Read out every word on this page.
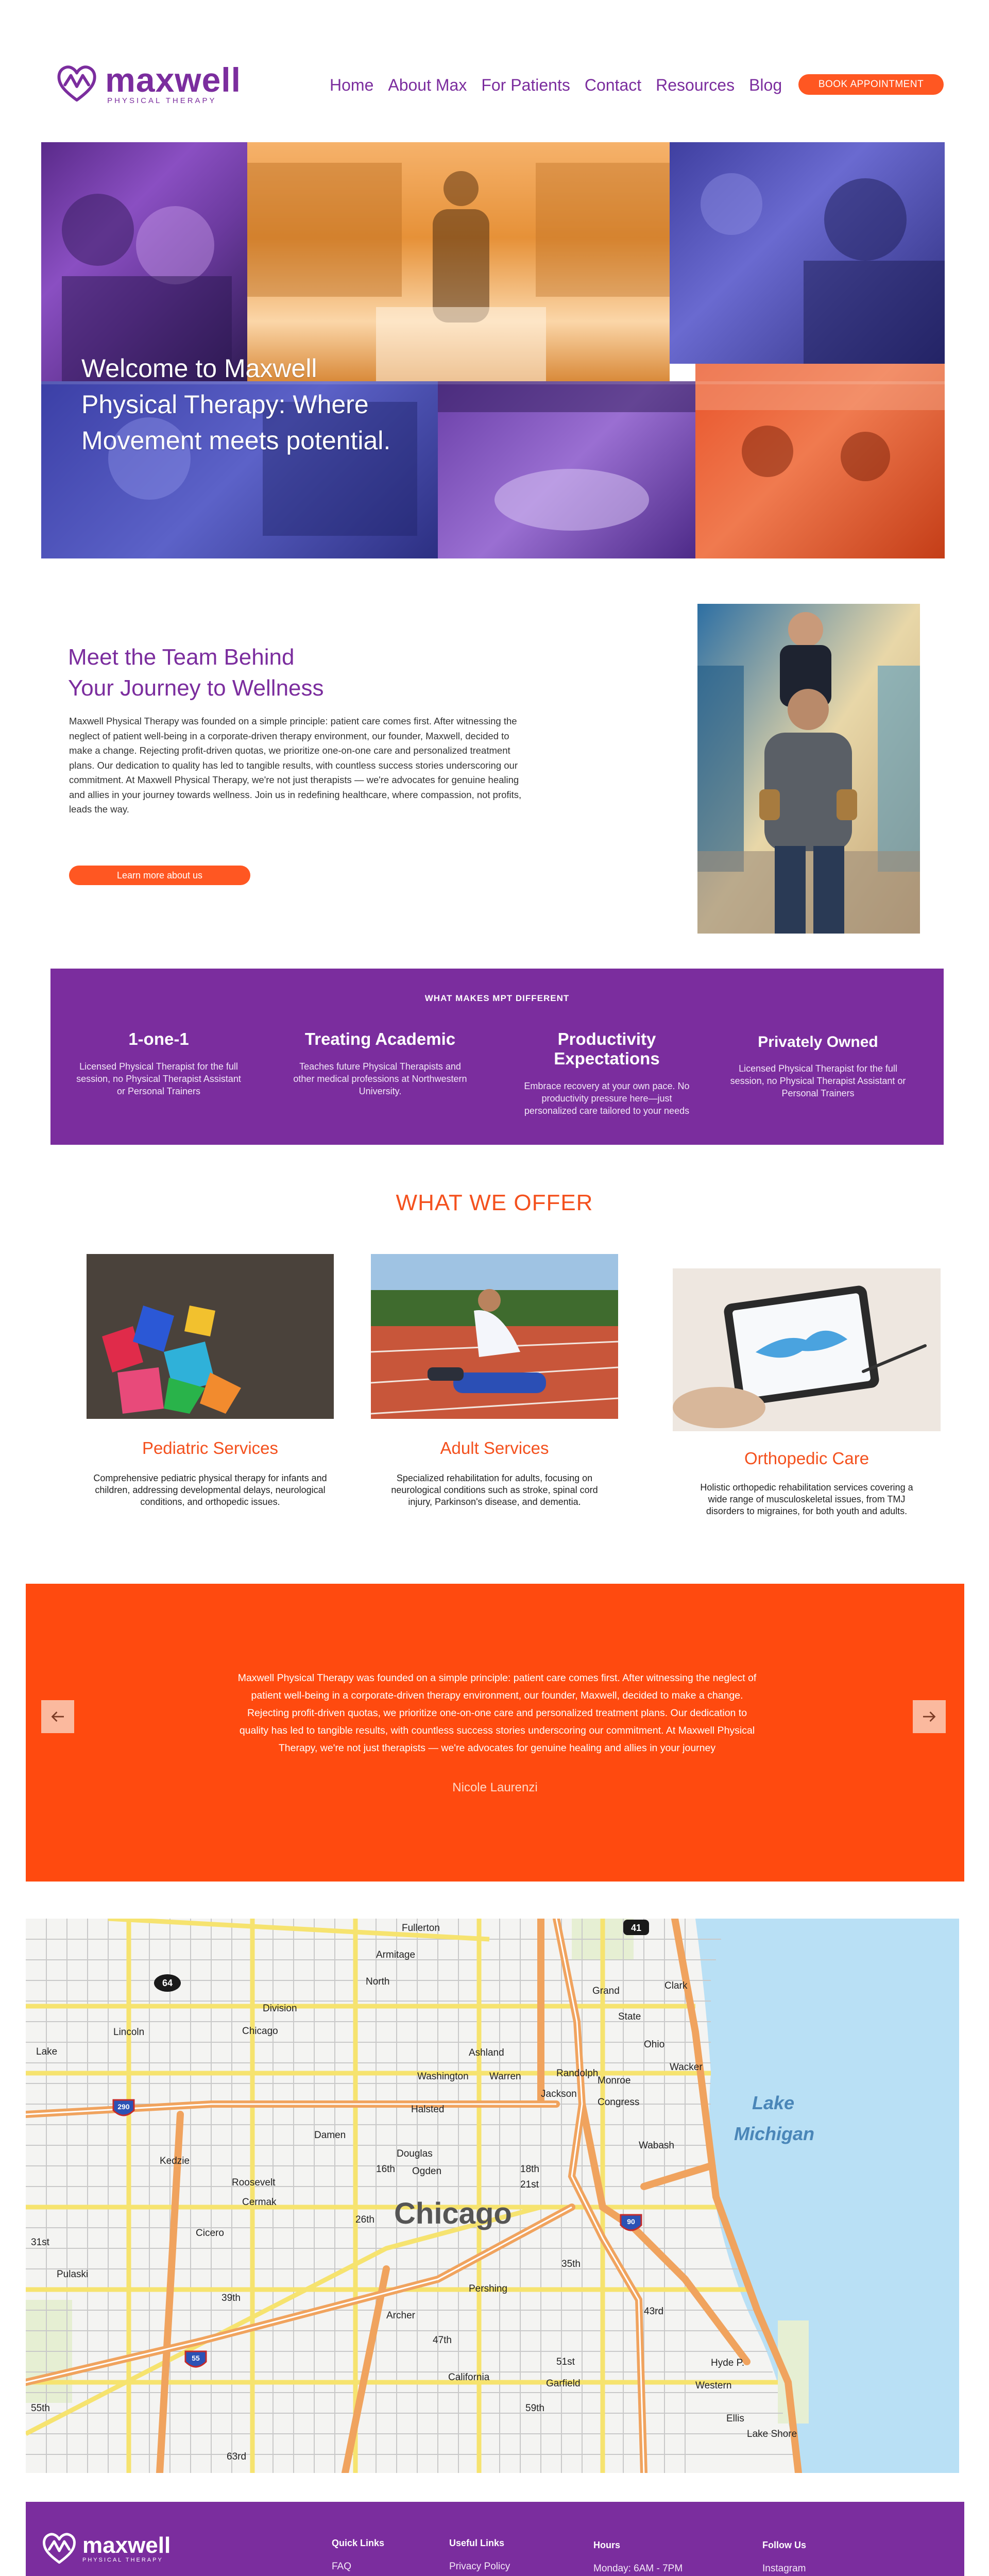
maxwell
PHYSICAL THERAPY
Home About Max For Patients Contact Resources Blog	BOOK APPOINTMENT
Welcome to Maxwell Physical Therapy: Where Movement meets potential.
Meet the Team Behind
Your Journey to Wellness
Maxwell Physical Therapy was founded on a simple principle: patient care comes first. After witnessing the neglect of patient well-being in a corporate-driven therapy environment, our founder, Maxwell, decided to make a change. Rejecting profit-driven quotas, we prioritize one-on-one care and personalized treatment plans. Our dedication to quality has led to tangible results, with countless success stories underscoring our commitment. At Maxwell Physical Therapy, we're not just therapists — we're advocates for genuine healing and allies in your journey towards wellness. Join us in redefining healthcare, where compassion, not profits, leads the way.
Learn more about us
WHAT MAKES MPT DIFFERENT
1-one-1

Licensed Physical Therapist for the full session, no Physical Therapist Assistant or Personal Trainers

Treating Academic

Teaches future Physical Therapists and other medical professions at Northwestern University.

Productivity Expectations

Embrace recovery at your own pace. No productivity pressure here—just personalized care tailored to your needs

Privately Owned

Licensed Physical Therapist for the full session, no Physical Therapist Assistant or Personal Trainers

WHAT WE OFFER
Pediatric Services
Comprehensive pediatric physical therapy for infants and children, addressing developmental delays, neurological conditions, and orthopedic issues.
Adult Services
Specialized rehabilitation for adults, focusing on neurological conditions such as stroke, spinal cord injury, Parkinson's disease, and dementia.
Orthopedic Care
Holistic orthopedic rehabilitation services covering a wide range of musculoskeletal issues, from TMJ disorders to migraines, for both youth and adults.
Maxwell Physical Therapy was founded on a simple principle: patient care comes first. After witnessing the neglect of patient well-being in a corporate-driven therapy environment, our founder, Maxwell, decided to make a change. Rejecting profit-driven quotas, we prioritize one-on-one care and personalized treatment plans. Our dedication to quality has led to tangible results, with countless success stories underscoring our commitment. At Maxwell Physical Therapy, we're not just therapists — we're advocates for genuine healing and allies in your journey
Nicole Laurenzi
41
64
290
90
55
Chicago
Lake
Michigan
Fullerton
Armitage
North
Division
Chicago
Lake
Washington Warren	Randolph
Jackson
Congress
Monroe
Roosevelt
Douglas
16th Ogden	18th
21st
Cermak
26th
31st
35th
Pershing
39th
43rd
47th
51st
Garfield
55th	59th
63rd
Hyde P.
Ohio
Wacker
Wabash
Halsted
Ashland
Western
Kedzie
Pulaski
Cicero
Archer
Damen
California
State
Ellis
Clark
Lake Shore
Grand
Lincoln
maxwell
PHYSICAL THERAPY
Quick Links
FAQ
Useful Links
Privacy Policy
Hours
Monday: 6AM - 7PM
Follow Us
Instagram
